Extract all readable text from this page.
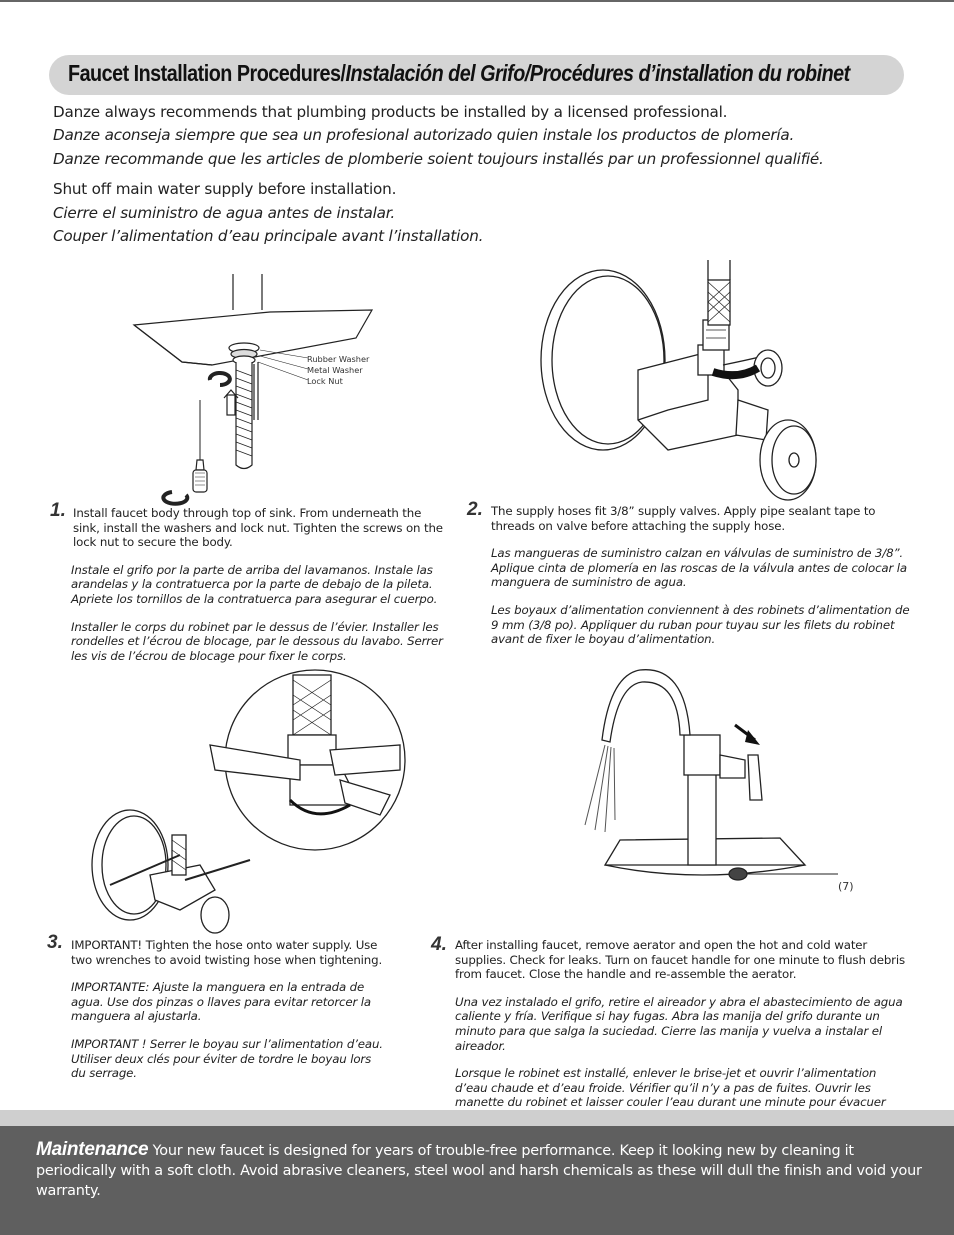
Faucet Installation Procedures/Instalación del Grifo/Procédures d’installation du robinet
Danze always recommends that plumbing products be installed by a licensed professional.
Danze aconseja siempre que sea un profesional autorizado quien instale los productos de plomería.
Danze recommande que les articles de plomberie soient toujours installés par un professionnel qualifié.
Shut off main water supply before installation.
Cierre el suministro de agua antes de instalar.
Couper l’alimentation d’eau principale avant l’installation.
Rubber Washer
Metal Washer
Lock Nut
1. Install faucet body through top of sink. From underneath the sink, install the washers and lock nut. Tighten the screws on the lock nut to secure the body.

Instale el grifo por la parte de arriba del lavamanos. Instale las arandelas y la contratuerca por la parte de debajo de la pileta. Apriete los tornillos de la contratuerca para asegurar el cuerpo.

Installer le corps du robinet par le dessus de l’évier. Installer les rondelles et l’écrou de blocage, par le dessous du lavabo. Serrer les vis de l’écrou de blocage pour fixer le corps.

2. The supply hoses fit 3/8” supply valves. Apply pipe sealant tape to threads on valve before attaching the supply hose.

Las mangueras de suministro calzan en válvulas de suministro de 3/8”. Aplique cinta de plomería en las roscas de la válvula antes de colocar la manguera de suministro de agua.

Les boyaux d’alimentation conviennent à des robinets d’alimentation de 9 mm (3/8 po). Appliquer du ruban pour tuyau sur les filets du robinet avant de fixer le boyau d’alimentation.

3. IMPORTANT! Tighten the hose onto water supply. Use two wrenches to avoid twisting hose when tightening.

IMPORTANTE: Ajuste la manguera en la entrada de agua. Use dos pinzas o llaves para evitar retorcer la manguera al ajustarla.

IMPORTANT ! Serrer le boyau sur l’alimentation d’eau. Utiliser deux clés pour éviter de tordre le boyau lors du serrage.

(7)
4. After installing faucet, remove aerator and open the hot and cold water supplies. Check for leaks. Turn on faucet handle for one minute to flush debris from faucet. Close the handle and re-assemble the aerator.

Una vez instalado el grifo, retire el aireador y abra el abastecimiento de agua caliente y fría. Verifique si hay fugas. Abra las manija del grifo durante un minuto para que salga la suciedad. Cierre las manija y vuelva a instalar el aireador.

Lorsque le robinet est installé, enlever le brise-jet et ouvrir l’alimentation d’eau chaude et d’eau froide. Vérifier qu’il n’y a pas de fuites. Ouvrir les manette du robinet et laisser couler l’eau durant une minute pour évacuer

Maintenance Your new faucet is designed for years of trouble-free performance. Keep it looking new by cleaning it periodically with a soft cloth. Avoid abrasive cleaners, steel wool and harsh chemicals as these will dull the finish and void your warranty.
